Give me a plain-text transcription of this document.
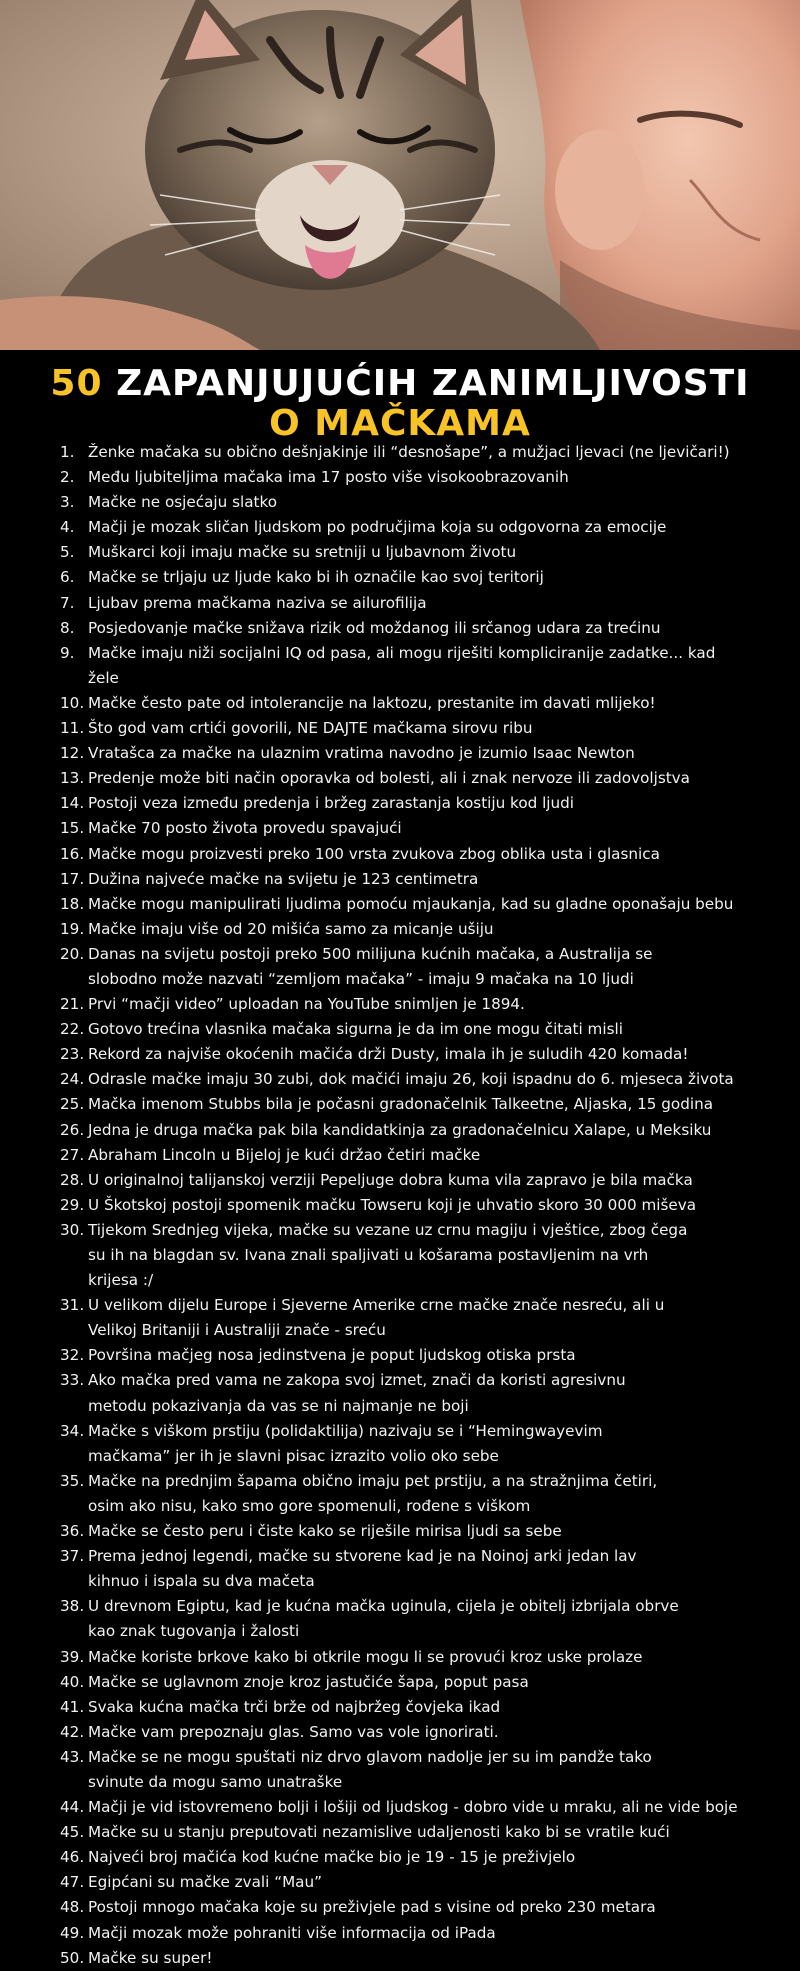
50 ZAPANJUJUĆIH ZANIMLJIVOSTI
O MAČKAMA
1. Ženke mačaka su obično dešnjakinje ili “desnošape”, a mužjaci ljevaci (ne ljevičari!)
2. Među ljubiteljima mačaka ima 17 posto više visokoobrazovanih
3. Mačke ne osjećaju slatko
4. Mačji je mozak sličan ljudskom po područjima koja su odgovorna za emocije
5. Muškarci koji imaju mačke su sretniji u ljubavnom životu
6. Mačke se trljaju uz ljude kako bi ih označile kao svoj teritorij
7. Ljubav prema mačkama naziva se ailurofilija
8. Posjedovanje mačke snižava rizik od moždanog ili srčanog udara za trećinu
9. Mačke imaju niži socijalni IQ od pasa, ali mogu riješiti kompliciranije zadatke... kad žele
10. Mačke često pate od intolerancije na laktozu, prestanite im davati mlijeko!
11. Što god vam crtići govorili, NE DAJTE mačkama sirovu ribu
12. Vratašca za mačke na ulaznim vratima navodno je izumio Isaac Newton
13. Predenje može biti način oporavka od bolesti, ali i znak nervoze ili zadovoljstva
14. Postoji veza između predenja i bržeg zarastanja kostiju kod ljudi
15. Mačke 70 posto života provedu spavajući
16. Mačke mogu proizvesti preko 100 vrsta zvukova zbog oblika usta i glasnica
17. Dužina najveće mačke na svijetu je 123 centimetra
18. Mačke mogu manipulirati ljudima pomoću mjaukanja, kad su gladne oponašaju bebu
19. Mačke imaju više od 20 mišića samo za micanje ušiju
20. Danas na svijetu postoji preko 500 milijuna kućnih mačaka, a Australija se slobodno može nazvati “zemljom mačaka” - imaju 9 mačaka na 10 ljudi
21. Prvi “mačji video” uploadan na YouTube snimljen je 1894.
22. Gotovo trećina vlasnika mačaka sigurna je da im one mogu čitati misli
23. Rekord za najviše okoćenih mačića drži Dusty, imala ih je suludih 420 komada!
24. Odrasle mačke imaju 30 zubi, dok mačići imaju 26, koji ispadnu do 6. mjeseca života
25. Mačka imenom Stubbs bila je počasni gradonačelnik Talkeetne, Aljaska, 15 godina
26. Jedna je druga mačka pak bila kandidatkinja za gradonačelnicu Xalape, u Meksiku
27. Abraham Lincoln u Bijeloj je kući držao četiri mačke
28. U originalnoj talijanskoj verziji Pepeljuge dobra kuma vila zapravo je bila mačka
29. U Škotskoj postoji spomenik mačku Towseru koji je uhvatio skoro 30 000 miševa
30. Tijekom Srednjeg vijeka, mačke su vezane uz crnu magiju i vještice, zbog čega su ih na blagdan sv. Ivana znali spaljivati u košarama postavljenim na vrh krijesa :/
31. U velikom dijelu Europe i Sjeverne Amerike crne mačke znače nesreću, ali u Velikoj Britaniji i Australiji znače - sreću
32. Površina mačjeg nosa jedinstvena je poput ljudskog otiska prsta
33. Ako mačka pred vama ne zakopa svoj izmet, znači da koristi agresivnu metodu pokazivanja da vas se ni najmanje ne boji
34. Mačke s viškom prstiju (polidaktilija) nazivaju se i “Hemingwayevim mačkama” jer ih je slavni pisac izrazito volio oko sebe
35. Mačke na prednjim šapama obično imaju pet prstiju, a na stražnjima četiri, osim ako nisu, kako smo gore spomenuli, rođene s viškom
36. Mačke se često peru i čiste kako se riješile mirisa ljudi sa sebe
37. Prema jednoj legendi, mačke su stvorene kad je na Noinoj arki jedan lav kihnuo i ispala su dva mačeta
38. U drevnom Egiptu, kad je kućna mačka uginula, cijela je obitelj izbrijala obrve kao znak tugovanja i žalosti
39. Mačke koriste brkove kako bi otkrile mogu li se provući kroz uske prolaze
40. Mačke se uglavnom znoje kroz jastučiće šapa, poput pasa
41. Svaka kućna mačka trči brže od najbržeg čovjeka ikad
42. Mačke vam prepoznaju glas. Samo vas vole ignorirati.
43. Mačke se ne mogu spuštati niz drvo glavom nadolje jer su im pandže tako svinute da mogu samo unatraške
44. Mačji je vid istovremeno bolji i lošiji od ljudskog - dobro vide u mraku, ali ne vide boje
45. Mačke su u stanju preputovati nezamislive udaljenosti kako bi se vratile kući
46. Najveći broj mačića kod kućne mačke bio je 19 - 15 je preživjelo
47. Egipćani su mačke zvali “Mau”
48. Postoji mnogo mačaka koje su preživjele pad s visine od preko 230 metara
49. Mačji mozak može pohraniti više informacija od iPada
50. Mačke su super!
